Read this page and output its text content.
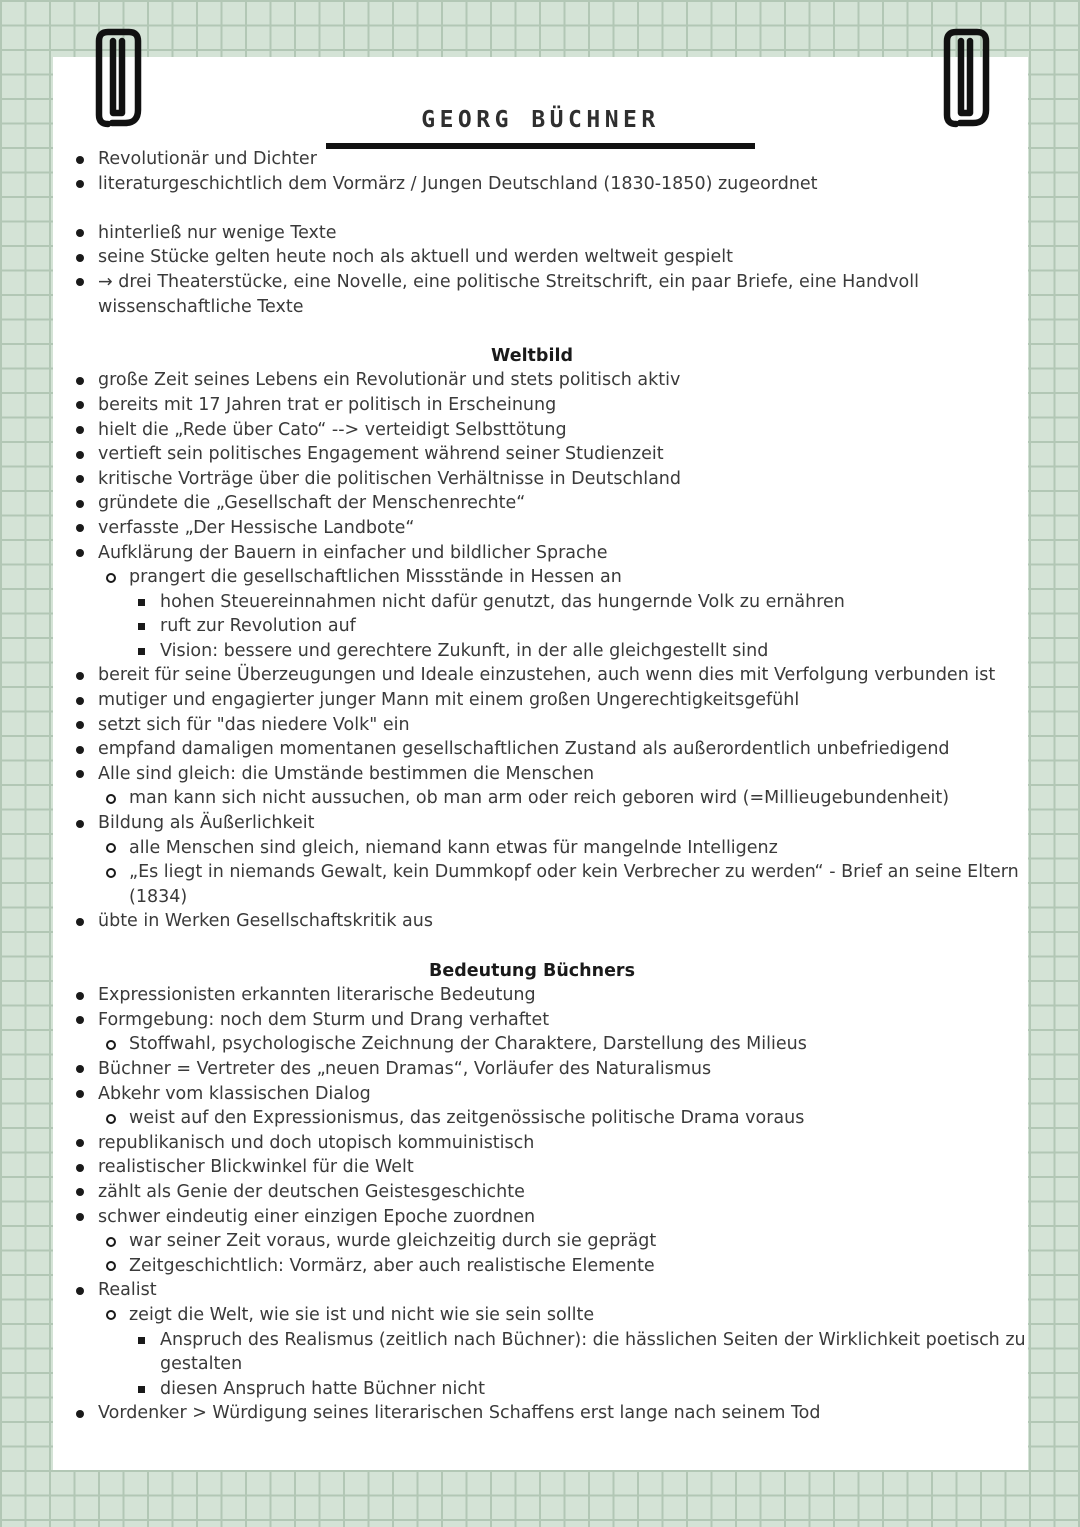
GEORG BÜCHNER
Revolutionär und Dichter
literaturgeschichtlich dem Vormärz / Jungen Deutschland (1830-1850) zugeordnet
hinterließ nur wenige Texte
seine Stücke gelten heute noch als aktuell und werden weltweit gespielt
→ drei Theaterstücke, eine Novelle, eine politische Streitschrift, ein paar Briefe, eine Handvoll
wissenschaftliche Texte
Weltbild
große Zeit seines Lebens ein Revolutionär und stets politisch aktiv
bereits mit 17 Jahren trat er politisch in Erscheinung
hielt die „Rede über Cato“ --> verteidigt Selbsttötung
vertieft sein politisches Engagement während seiner Studienzeit
kritische Vorträge über die politischen Verhältnisse in Deutschland
gründete die „Gesellschaft der Menschenrechte“
verfasste „Der Hessische Landbote“
Aufklärung der Bauern in einfacher und bildlicher Sprache
prangert die gesellschaftlichen Missstände in Hessen an
hohen Steuereinnahmen nicht dafür genutzt, das hungernde Volk zu ernähren
ruft zur Revolution auf
Vision: bessere und gerechtere Zukunft, in der alle gleichgestellt sind
bereit für seine Überzeugungen und Ideale einzustehen, auch wenn dies mit Verfolgung verbunden ist
mutiger und engagierter junger Mann mit einem großen Ungerechtigkeitsgefühl
setzt sich für "das niedere Volk" ein
empfand damaligen momentanen gesellschaftlichen Zustand als außerordentlich unbefriedigend
Alle sind gleich: die Umstände bestimmen die Menschen
man kann sich nicht aussuchen, ob man arm oder reich geboren wird (=Millieugebundenheit)
Bildung als Äußerlichkeit
alle Menschen sind gleich, niemand kann etwas für mangelnde Intelligenz
„Es liegt in niemands Gewalt, kein Dummkopf oder kein Verbrecher zu werden“ - Brief an seine Eltern
(1834)
übte in Werken Gesellschaftskritik aus
Bedeutung Büchners
Expressionisten erkannten literarische Bedeutung
Formgebung: noch dem Sturm und Drang verhaftet
Stoffwahl, psychologische Zeichnung der Charaktere, Darstellung des Milieus
Büchner = Vertreter des „neuen Dramas“, Vorläufer des Naturalismus
Abkehr vom klassischen Dialog
weist auf den Expressionismus, das zeitgenössische politische Drama voraus
republikanisch und doch utopisch kommuinistisch
realistischer Blickwinkel für die Welt
zählt als Genie der deutschen Geistesgeschichte
schwer eindeutig einer einzigen Epoche zuordnen
war seiner Zeit voraus, wurde gleichzeitig durch sie geprägt
Zeitgeschichtlich: Vormärz, aber auch realistische Elemente
Realist
zeigt die Welt, wie sie ist und nicht wie sie sein sollte
Anspruch des Realismus (zeitlich nach Büchner): die hässlichen Seiten der Wirklichkeit poetisch zu
gestalten
diesen Anspruch hatte Büchner nicht
Vordenker > Würdigung seines literarischen Schaffens erst lange nach seinem Tod
